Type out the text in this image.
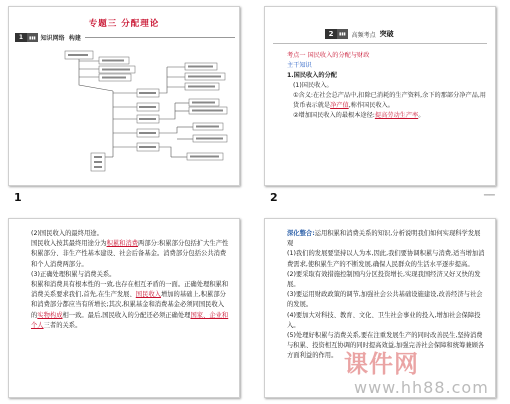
专题三 分配理论
1	▮▮▮ 知识网络 构建
1
2	▮▮▮	高频考点 突破

考点一 国民收入的分配与财政

主干知识

1.国民收入的分配

(1)国民收入。

①含义:在社会总产品中,扣除已消耗的生产资料,余下的那部分净产品,用货币表示就是净产值,称作国民收入。

②增加国民收入的最根本途径:提高劳动生产率。

2	──

(2)国民收入的最终用途。

国民收入按其最终用途分为积累和消费两部分:积累部分包括扩大生产性积累部分、非生产性基本建设、社会后备基金。消费部分包括公共消费和个人消费两部分。

(3)正确处理积累与消费关系。

积累和消费具有根本性的一致,也存在相互矛盾的一面。正确处理积累和消费关系要求我们,首先,在生产发展、国民收入增加的基础上,积累部分和消费部分都应当有所增长;其次,积累基金和消费基金必须同国民收入的实物构成相一致。最后,国民收入的分配还必须正确处理国家、企业和个人三者的关系。

深化整合:运用积累和消费关系的知识,分析说明我们如何实现科学发展观

(1)我们的发展要坚持以人为本,因此,我们要协调积累与消费,适当增加消费需求,使积累生产的不断发展,确保人民群众的生活水平逐步提高。

(2)要采取有效措施控制国内分区投资增长,实现我国经济又好又快的发展。

(3)要运用财政政策的调节,加强社会公共基础设施建设,改善经济与社会的发展。

(4)要加大对科技、教育、文化、卫生社会事业的投入,增加社会保障投入。

(5)处理好积累与消费关系,要在注重发展生产的同时改善民生,坚持消费与积累、投资相互协调的同时提高效益,加强完善社会保障和统筹兼顾各方面利益的作用。 课件网
www.hh88.com
